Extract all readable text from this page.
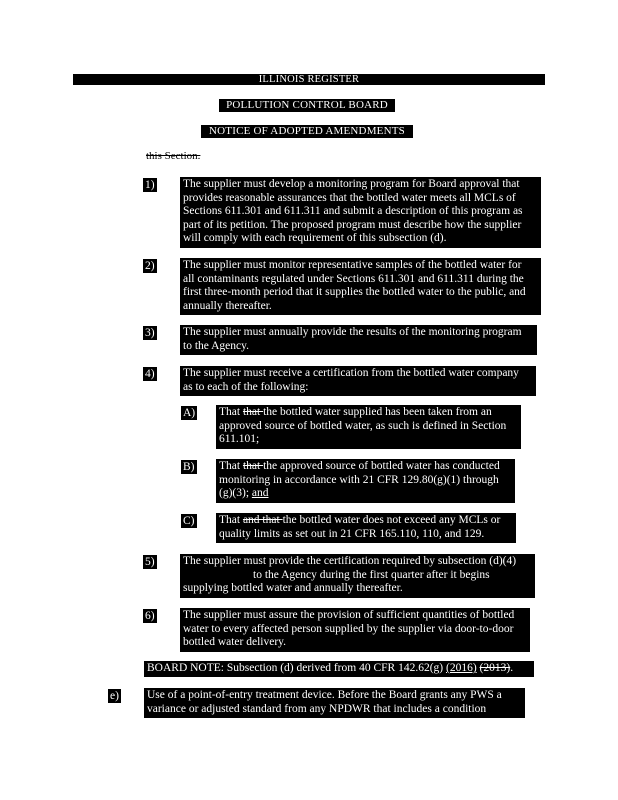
ILLINOIS REGISTER
POLLUTION CONTROL BOARD
NOTICE OF ADOPTED AMENDMENTS
this Section.
1) The supplier must develop a monitoring program for Board approval that
provides reasonable assurances that the bottled water meets all MCLs of
Sections 611.301 and 611.311 and submit a description of this program as
part of its petition. The proposed program must describe how the supplier
will comply with each requirement of this subsection (d).
2) The supplier must monitor representative samples of the bottled water for
all contaminants regulated under Sections 611.301 and 611.311 during the
first three-month period that it supplies the bottled water to the public, and
annually thereafter.
3) The supplier must annually provide the results of the monitoring program
to the Agency.
4) The supplier must receive a certification from the bottled water company
as to each of the following:
A) That that the bottled water supplied has been taken from an
approved source of bottled water, as such is defined in Section
611.101;
B) That that the approved source of bottled water has conducted
monitoring in accordance with 21 CFR 129.80(g)(1) through
(g)(3); and
C) That and that the bottled water does not exceed any MCLs or
quality limits as set out in 21 CFR 165.110, 110, and 129.
5) The supplier must provide the certification required by subsection (d)(4)
to the Agency during the first quarter after it begins
supplying bottled water and annually thereafter.
6) The supplier must assure the provision of sufficient quantities of bottled
water to every affected person supplied by the supplier via door-to-door
bottled water delivery.
BOARD NOTE: Subsection (d) derived from 40 CFR 142.62(g) (2016) (2013).
e) Use of a point-of-entry treatment device. Before the Board grants any PWS a
variance or adjusted standard from any NPDWR that includes a condition
